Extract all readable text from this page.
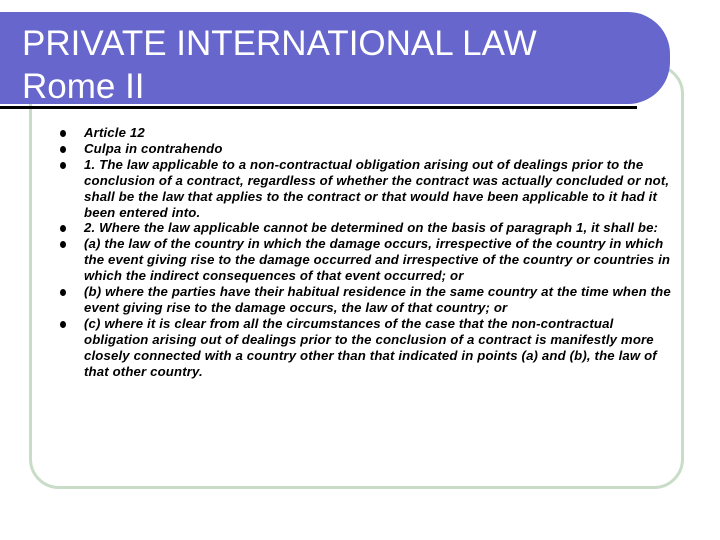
PRIVATE INTERNATIONAL LAW
Rome II
Article 12
Culpa in contrahendo
1. The law applicable to a non-contractual obligation arising out of dealings prior to the conclusion of a contract, regardless of whether the contract was actually concluded or not, shall be the law that applies to the contract or that would have been applicable to it had it been entered into.
2. Where the law applicable cannot be determined on the basis of paragraph 1, it shall be:
(a) the law of the country in which the damage occurs, irrespective of the country in which the event giving rise to the damage occurred and irrespective of the country or countries in which the indirect consequences of that event occurred; or
(b) where the parties have their habitual residence in the same country at the time when the event giving rise to the damage occurs, the law of that country; or
(c) where it is clear from all the circumstances of the case that the non-contractual obligation arising out of dealings prior to the conclusion of a contract is manifestly more closely connected with a country other than that indicated in points (a) and (b), the law of that other country.
